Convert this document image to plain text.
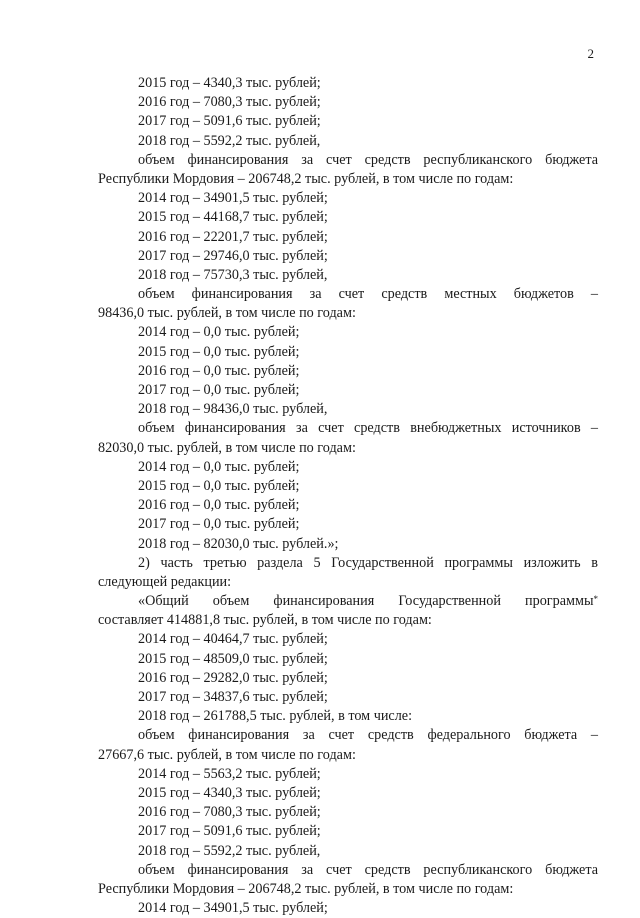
2
2015 год – 4340,3 тыс. рублей;
2016 год – 7080,3 тыс. рублей;
2017 год – 5091,6 тыс. рублей;
2018 год – 5592,2 тыс. рублей,
объем финансирования за счет средств республиканского бюджета
Республики Мордовия – 206748,2 тыс. рублей, в том числе по годам:
2014 год – 34901,5 тыс. рублей;
2015 год – 44168,7 тыс. рублей;
2016 год – 22201,7 тыс. рублей;
2017 год – 29746,0 тыс. рублей;
2018 год – 75730,3 тыс. рублей,
объем финансирования за счет средств местных бюджетов –
98436,0 тыс. рублей, в том числе по годам:
2014 год – 0,0 тыс. рублей;
2015 год – 0,0 тыс. рублей;
2016 год – 0,0 тыс. рублей;
2017 год – 0,0 тыс. рублей;
2018 год – 98436,0 тыс. рублей,
объем финансирования за счет средств внебюджетных источников –
82030,0 тыс. рублей, в том числе по годам:
2014 год – 0,0 тыс. рублей;
2015 год – 0,0 тыс. рублей;
2016 год – 0,0 тыс. рублей;
2017 год – 0,0 тыс. рублей;
2018 год – 82030,0 тыс. рублей.»;
2) часть третью раздела 5 Государственной программы изложить в
следующей редакции:
«Общий объем финансирования Государственной программы*
составляет 414881,8 тыс. рублей, в том числе по годам:
2014 год – 40464,7 тыс. рублей;
2015 год – 48509,0 тыс. рублей;
2016 год – 29282,0 тыс. рублей;
2017 год – 34837,6 тыс. рублей;
2018 год – 261788,5 тыс. рублей, в том числе:
объем финансирования за счет средств федерального бюджета –
27667,6 тыс. рублей, в том числе по годам:
2014 год – 5563,2 тыс. рублей;
2015 год – 4340,3 тыс. рублей;
2016 год – 7080,3 тыс. рублей;
2017 год – 5091,6 тыс. рублей;
2018 год – 5592,2 тыс. рублей,
объем финансирования за счет средств республиканского бюджета
Республики Мордовия – 206748,2 тыс. рублей, в том числе по годам:
2014 год – 34901,5 тыс. рублей;
